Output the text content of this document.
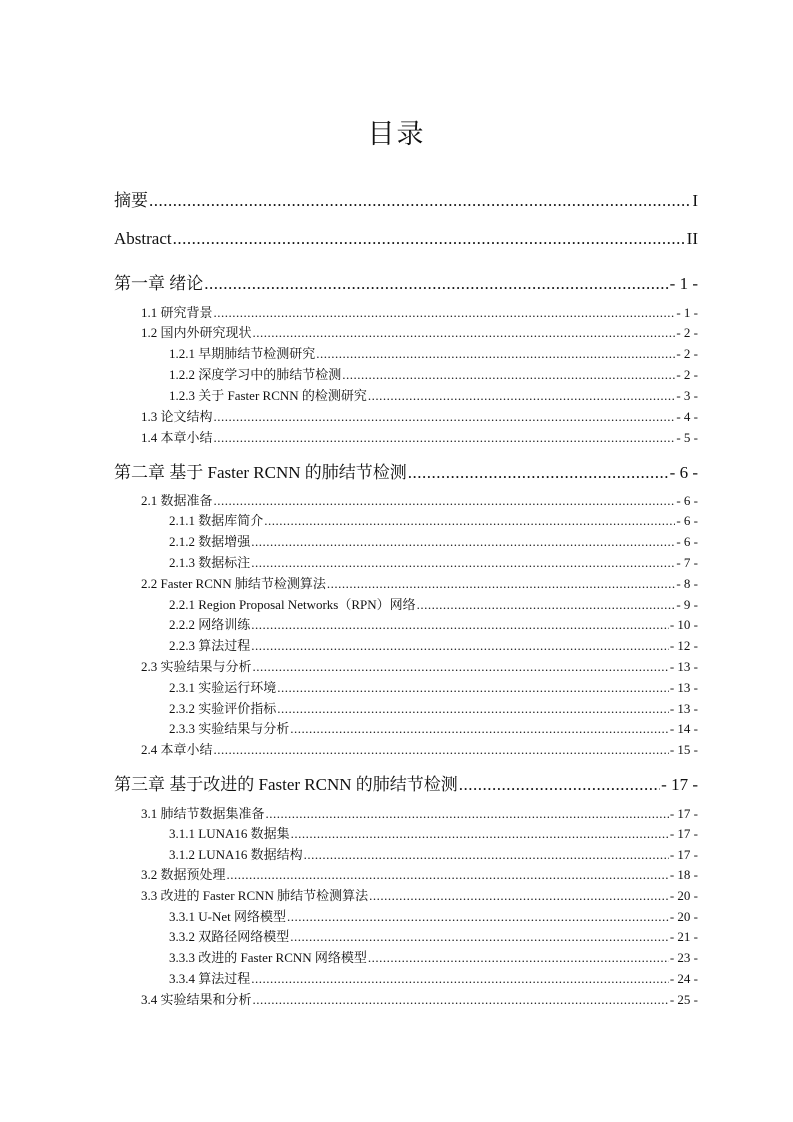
目录
摘要 .....	I
Abstract .....	II
第一章 绪论 .....	- 1 -
1.1 研究背景 .....	- 1 -
1.2 国内外研究现状 .....	- 2 -
1.2.1 早期肺结节检测研究 .....	- 2 -
1.2.2 深度学习中的肺结节检测 .....	- 2 -
1.2.3 关于 Faster RCNN 的检测研究 .....	- 3 -
1.3 论文结构 .....	- 4 -
1.4 本章小结 .....	- 5 -
第二章 基于 Faster RCNN 的肺结节检测 .....	- 6 -
2.1 数据准备 .....	- 6 -
2.1.1 数据库简介 .....	- 6 -
2.1.2 数据增强 .....	- 6 -
2.1.3 数据标注 .....	- 7 -
2.2 Faster RCNN 肺结节检测算法 .....	- 8 -
2.2.1 Region Proposal Networks（RPN）网络 .....	- 9 -
2.2.2 网络训练 .....	- 10 -
2.2.3 算法过程 .....	- 12 -
2.3 实验结果与分析 .....	- 13 -
2.3.1 实验运行环境 .....	- 13 -
2.3.2 实验评价指标 .....	- 13 -
2.3.3 实验结果与分析 .....	- 14 -
2.4 本章小结 .....	- 15 -
第三章 基于改进的 Faster RCNN 的肺结节检测 .....	- 17 -
3.1 肺结节数据集准备 .....	- 17 -
3.1.1 LUNA16 数据集 .....	- 17 -
3.1.2 LUNA16 数据结构 .....	- 17 -
3.2 数据预处理 .....	- 18 -
3.3 改进的 Faster RCNN 肺结节检测算法 .....	- 20 -
3.3.1 U-Net 网络模型 .....	- 20 -
3.3.2 双路径网络模型 .....	- 21 -
3.3.3 改进的 Faster RCNN 网络模型 .....	- 23 -
3.3.4 算法过程 .....	- 24 -
3.4 实验结果和分析 .....	- 25 -
